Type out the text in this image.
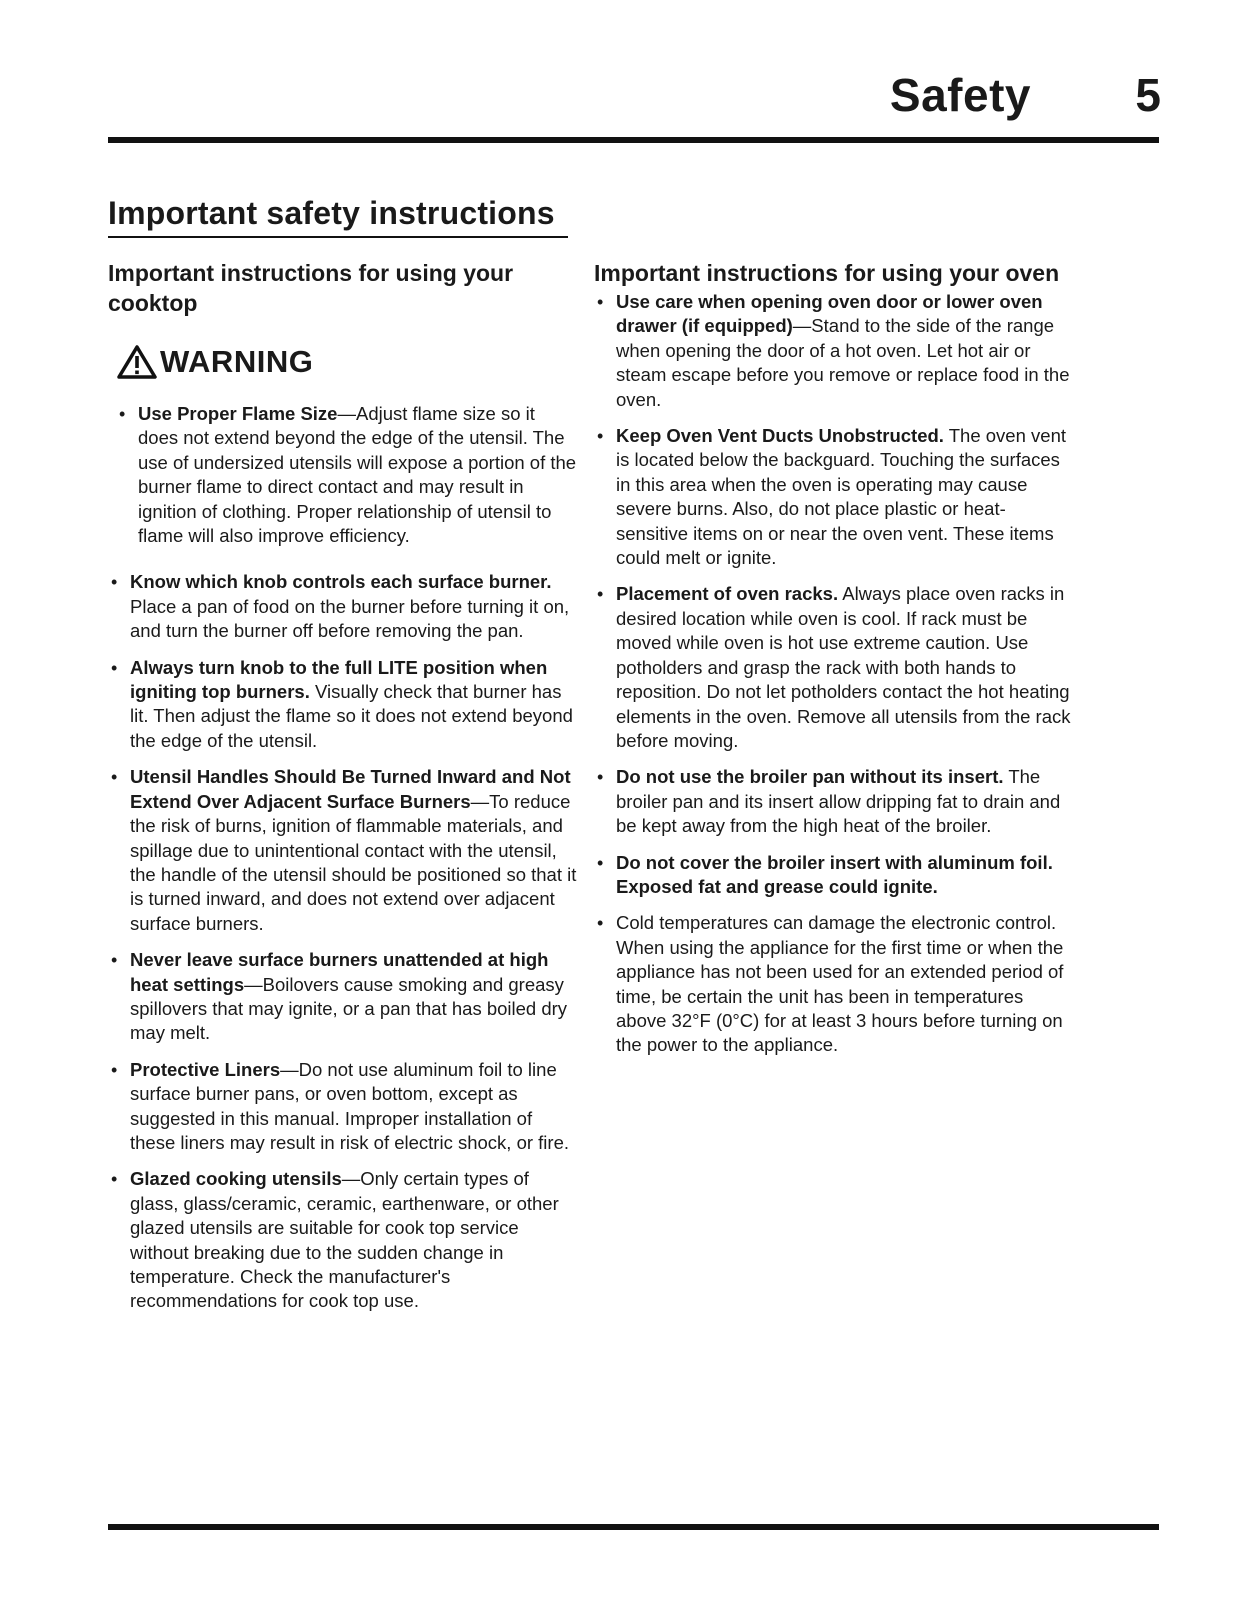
Safety 5
Important safety instructions
Important instructions for using your cooktop
WARNING
• Use Proper Flame Size—Adjust flame size so it does not extend beyond the edge of the utensil. The use of undersized utensils will expose a portion of the burner flame to direct contact and may result in ignition of clothing. Proper relationship of utensil to flame will also improve efficiency.
• Know which knob controls each surface burner. Place a pan of food on the burner before turning it on, and turn the burner off before removing the pan.
• Always turn knob to the full LITE position when igniting top burners. Visually check that burner has lit. Then adjust the flame so it does not extend beyond the edge of the utensil.
• Utensil Handles Should Be Turned Inward and Not Extend Over Adjacent Surface Burners—To reduce the risk of burns, ignition of flammable materials, and spillage due to unintentional contact with the utensil, the handle of the utensil should be positioned so that it is turned inward, and does not extend over adjacent surface burners.
• Never leave surface burners unattended at high heat settings—Boilovers cause smoking and greasy spillovers that may ignite, or a pan that has boiled dry may melt.
• Protective Liners—Do not use aluminum foil to line surface burner pans, or oven bottom, except as suggested in this manual. Improper installation of these liners may result in risk of electric shock, or fire.
• Glazed cooking utensils—Only certain types of glass, glass/ceramic, ceramic, earthenware, or other glazed utensils are suitable for cook top service without breaking due to the sudden change in temperature. Check the manufacturer's recommendations for cook top use.
Important instructions for using your oven
• Use care when opening oven door or lower oven drawer (if equipped)—Stand to the side of the range when opening the door of a hot oven. Let hot air or steam escape before you remove or replace food in the oven.
• Keep Oven Vent Ducts Unobstructed. The oven vent is located below the backguard. Touching the surfaces in this area when the oven is operating may cause severe burns. Also, do not place plastic or heat-sensitive items on or near the oven vent. These items could melt or ignite.
• Placement of oven racks. Always place oven racks in desired location while oven is cool. If rack must be moved while oven is hot use extreme caution. Use potholders and grasp the rack with both hands to reposition. Do not let potholders contact the hot heating elements in the oven. Remove all utensils from the rack before moving.
• Do not use the broiler pan without its insert. The broiler pan and its insert allow dripping fat to drain and be kept away from the high heat of the broiler.
• Do not cover the broiler insert with aluminum foil. Exposed fat and grease could ignite.
• Cold temperatures can damage the electronic control. When using the appliance for the first time or when the appliance has not been used for an extended period of time, be certain the unit has been in temperatures above 32°F (0°C) for at least 3 hours before turning on the power to the appliance.
